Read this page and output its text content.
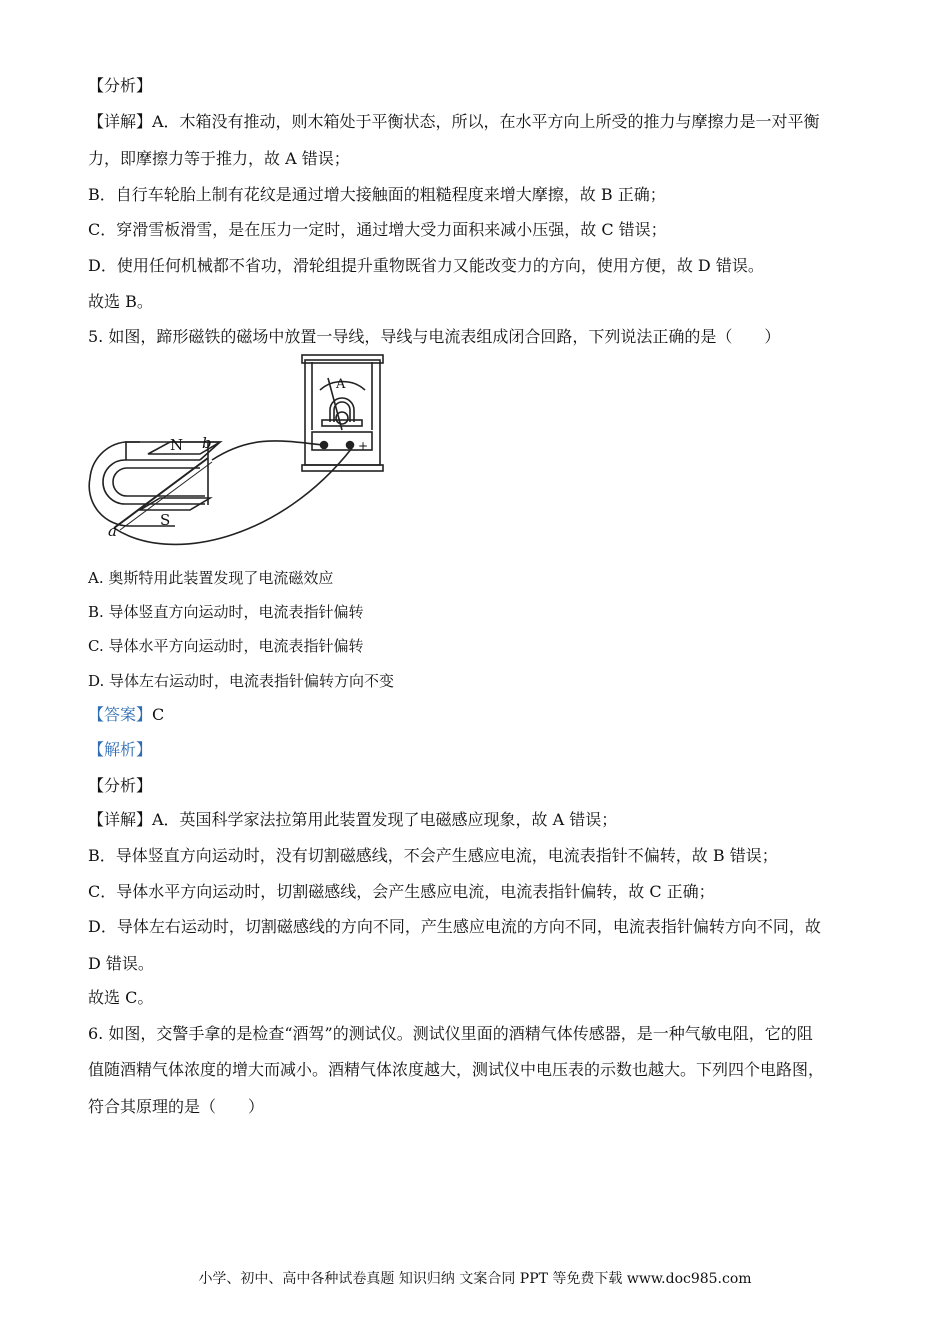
【分析】
【详解】A．木箱没有推动，则木箱处于平衡状态，所以，在水平方向上所受的推力与摩擦力是一对平衡
力，即摩擦力等于推力，故 A 错误；
B．自行车轮胎上制有花纹是通过增大接触面的粗糙程度来增大摩擦，故 B 正确；
C．穿滑雪板滑雪，是在压力一定时，通过增大受力面积来减小压强，故 C 错误；
D．使用任何机械都不省功，滑轮组提升重物既省力又能改变力的方向，使用方便，故 D 错误。
故选 B。
5. 如图，蹄形磁铁的磁场中放置一导线，导线与电流表组成闭合回路，下列说法正确的是（　　）
N
S
a
b
A
+
A. 奥斯特用此装置发现了电流磁效应
B. 导体竖直方向运动时，电流表指针偏转
C. 导体水平方向运动时，电流表指针偏转
D. 导体左右运动时，电流表指针偏转方向不变
【答案】C
【解析】
【分析】
【详解】A．英国科学家法拉第用此装置发现了电磁感应现象，故 A 错误；
B．导体竖直方向运动时，没有切割磁感线，不会产生感应电流，电流表指针不偏转，故 B 错误；
C．导体水平方向运动时，切割磁感线，会产生感应电流，电流表指针偏转，故 C 正确；
D．导体左右运动时，切割磁感线的方向不同，产生感应电流的方向不同，电流表指针偏转方向不同，故
D 错误。
故选 C。
6. 如图，交警手拿的是检查“酒驾”的测试仪。测试仪里面的酒精气体传感器，是一种气敏电阻，它的阻
值随酒精气体浓度的增大而减小。酒精气体浓度越大，测试仪中电压表的示数也越大。下列四个电路图，
符合其原理的是（　　）
小学、初中、高中各种试卷真题 知识归纳 文案合同 PPT 等免费下载 www.doc985.com
